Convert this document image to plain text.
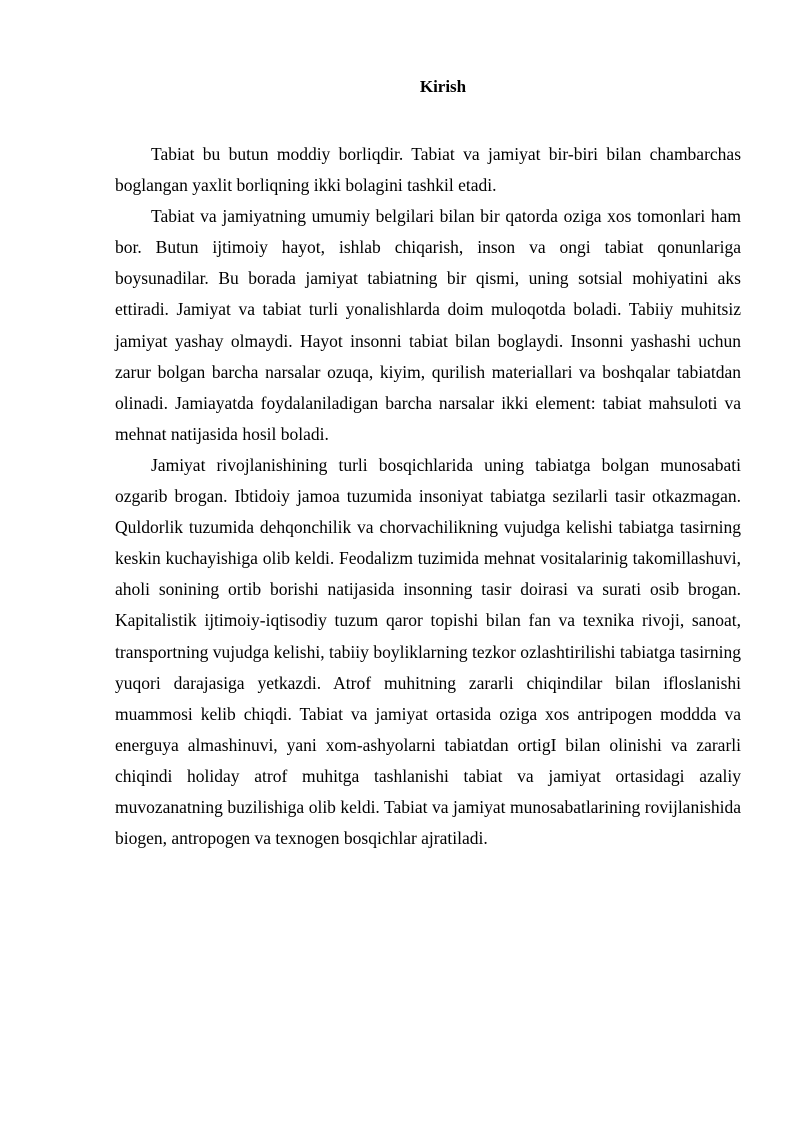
Kirish

Tabiat bu butun moddiy borliqdir. Tabiat va jamiyat bir-biri bilan chambarchas boglangan yaxlit borliqning ikki bolagini tashkil etadi.

Tabiat va jamiyatning umumiy belgilari bilan bir qatorda oziga xos tomonlari ham bor. Butun ijtimoiy hayot, ishlab chiqarish, inson va ongi tabiat qonunlariga boysunadilar. Bu borada jamiyat tabiatning bir qismi, uning sotsial mohiyatini aks ettiradi. Jamiyat va tabiat turli yonalishlarda doim muloqotda boladi. Tabiiy muhitsiz jamiyat yashay olmaydi. Hayot insonni tabiat bilan boglaydi. Insonni yashashi uchun zarur bolgan barcha narsalar ozuqa, kiyim, qurilish materiallari va boshqalar tabiatdan olinadi. Jamiayatda foydalaniladigan barcha narsalar ikki element: tabiat mahsuloti va mehnat natijasida hosil boladi.

Jamiyat rivojlanishining turli bosqichlarida uning tabiatga bolgan munosabati ozgarib brogan. Ibtidoiy jamoa tuzumida insoniyat tabiatga sezilarli tasir otkazmagan. Quldorlik tuzumida dehqonchilik va chorvachilikning vujudga kelishi tabiatga tasirning keskin kuchayishiga olib keldi. Feodalizm tuzimida mehnat vositalarinig takomillashuvi, aholi sonining ortib borishi natijasida insonning tasir doirasi va surati osib brogan. Kapitalistik ijtimoiy-iqtisodiy tuzum qaror topishi bilan fan va texnika rivoji, sanoat, transportning vujudga kelishi, tabiiy boyliklarning tezkor ozlashtirilishi tabiatga tasirning yuqori darajasiga yetkazdi. Atrof muhitning zararli chiqindilar bilan ifloslanishi muammosi kelib chiqdi. Tabiat va jamiyat ortasida oziga xos antripogen moddda va energuya almashinuvi, yani xom-ashyolarni tabiatdan ortigI bilan olinishi va zararli chiqindi holiday atrof muhitga tashlanishi tabiat va jamiyat ortasidagi azaliy muvozanatning buzilishiga olib keldi. Tabiat va jamiyat munosabatlarining rovijlanishida biogen, antropogen va texnogen bosqichlar ajratiladi.
